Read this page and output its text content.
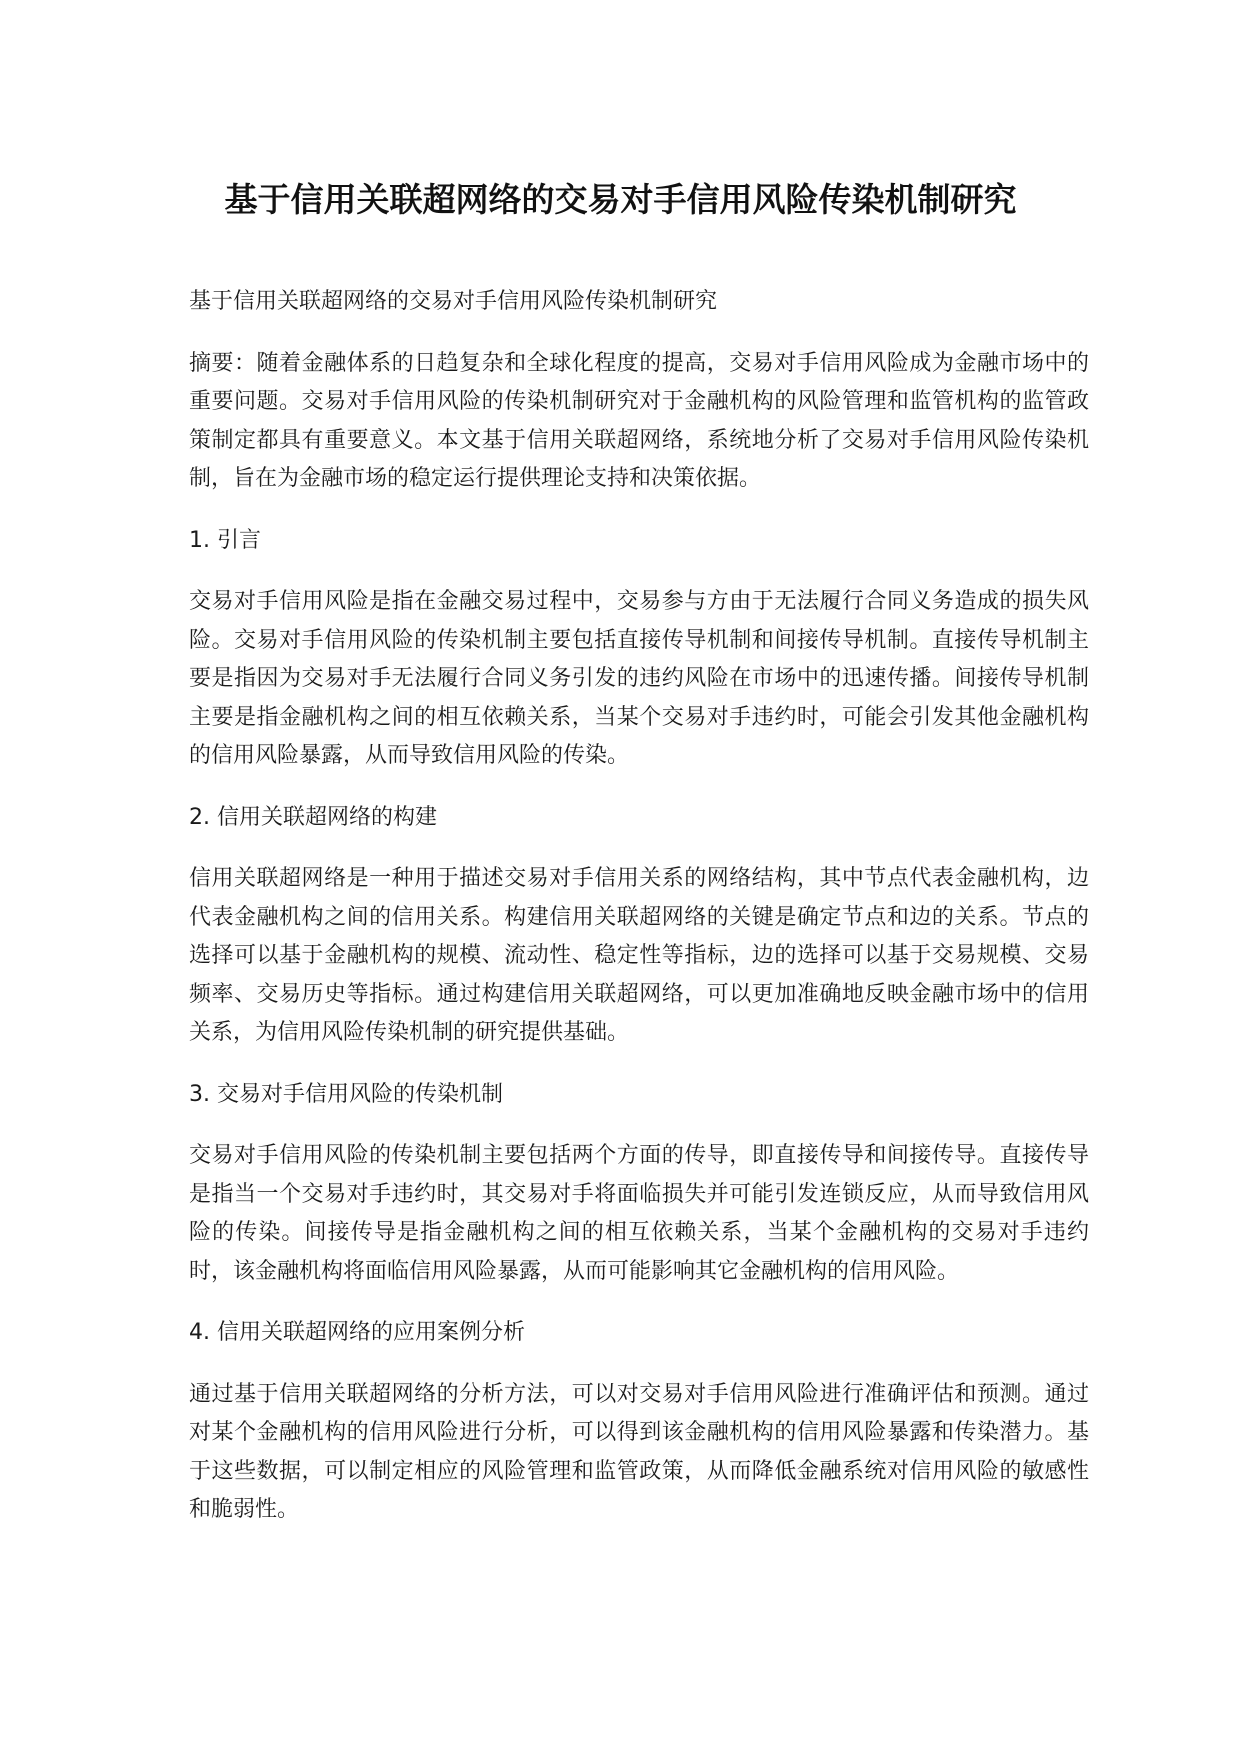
基于信用关联超网络的交易对手信用风险传染机制研究

基于信用关联超网络的交易对手信用风险传染机制研究

摘要：随着金融体系的日趋复杂和全球化程度的提高，交易对手信用风险成为金融市场中的重要问题。交易对手信用风险的传染机制研究对于金融机构的风险管理和监管机构的监管政策制定都具有重要意义。本文基于信用关联超网络，系统地分析了交易对手信用风险传染机制，旨在为金融市场的稳定运行提供理论支持和决策依据。

1. 引言

交易对手信用风险是指在金融交易过程中，交易参与方由于无法履行合同义务造成的损失风险。交易对手信用风险的传染机制主要包括直接传导机制和间接传导机制。直接传导机制主要是指因为交易对手无法履行合同义务引发的违约风险在市场中的迅速传播。间接传导机制主要是指金融机构之间的相互依赖关系，当某个交易对手违约时，可能会引发其他金融机构的信用风险暴露，从而导致信用风险的传染。

2. 信用关联超网络的构建

信用关联超网络是一种用于描述交易对手信用关系的网络结构，其中节点代表金融机构，边代表金融机构之间的信用关系。构建信用关联超网络的关键是确定节点和边的关系。节点的选择可以基于金融机构的规模、流动性、稳定性等指标，边的选择可以基于交易规模、交易频率、交易历史等指标。通过构建信用关联超网络，可以更加准确地反映金融市场中的信用关系，为信用风险传染机制的研究提供基础。

3. 交易对手信用风险的传染机制

交易对手信用风险的传染机制主要包括两个方面的传导，即直接传导和间接传导。直接传导是指当一个交易对手违约时，其交易对手将面临损失并可能引发连锁反应，从而导致信用风险的传染。间接传导是指金融机构之间的相互依赖关系，当某个金融机构的交易对手违约时，该金融机构将面临信用风险暴露，从而可能影响其它金融机构的信用风险。

4. 信用关联超网络的应用案例分析

通过基于信用关联超网络的分析方法，可以对交易对手信用风险进行准确评估和预测。通过对某个金融机构的信用风险进行分析，可以得到该金融机构的信用风险暴露和传染潜力。基于这些数据，可以制定相应的风险管理和监管政策，从而降低金融系统对信用风险的敏感性和脆弱性。
